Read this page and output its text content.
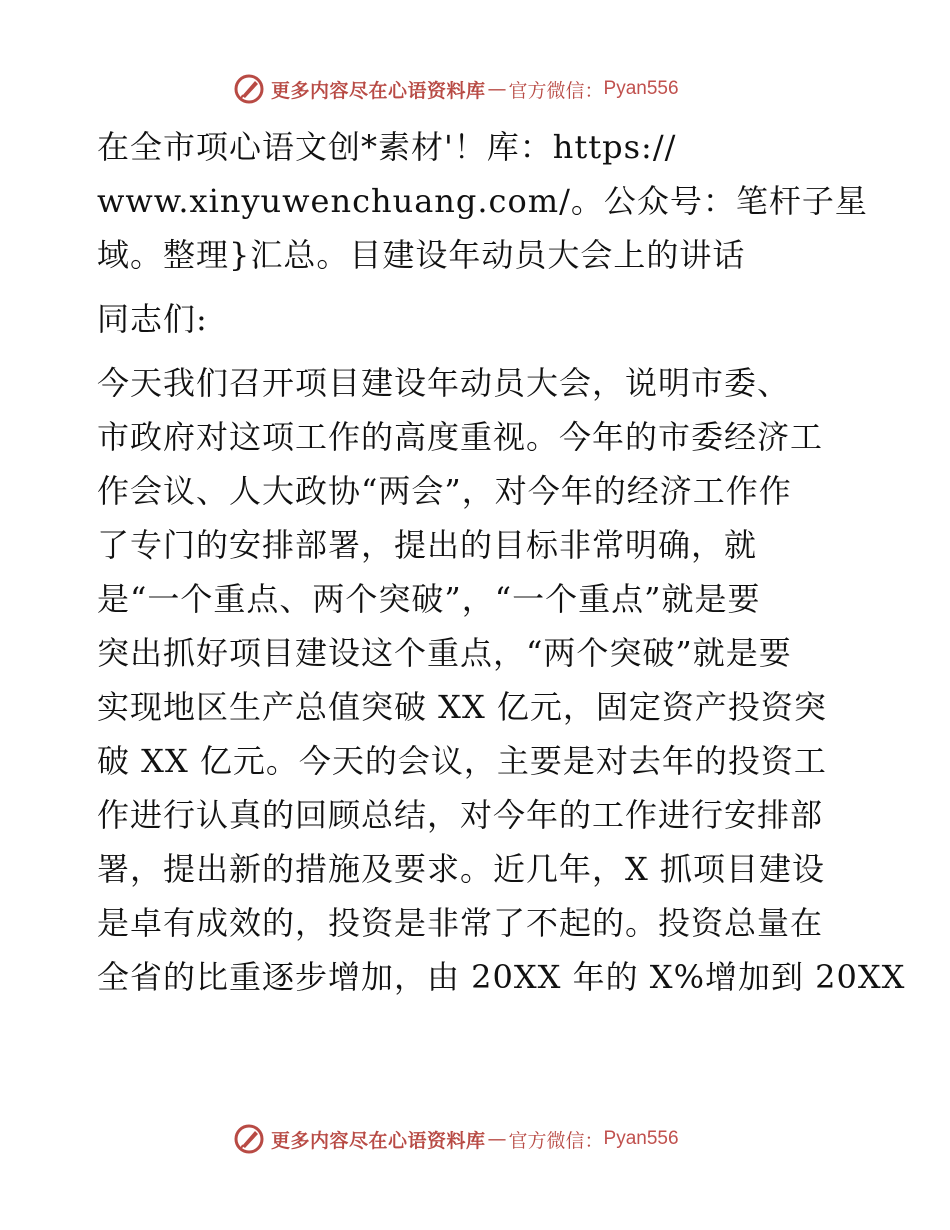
更多内容尽在心语资料库 — 官方微信： Pyan556
在全市项心语文创*素材'！库：https://
www.xinyuwenchuang.com/。公众号：笔杆子星
域。整理}汇总。目建设年动员大会上的讲话
同志们:
今天我们召开项目建设年动员大会，说明市委、
市政府对这项工作的高度重视。今年的市委经济工
作会议、人大政协“两会”，对今年的经济工作作
了专门的安排部署，提出的目标非常明确，就
是“一个重点、两个突破”，“一个重点”就是要
突出抓好项目建设这个重点，“两个突破”就是要
实现地区生产总值突破 XX 亿元，固定资产投资突
破 XX 亿元。今天的会议，主要是对去年的投资工
作进行认真的回顾总结，对今年的工作进行安排部
署，提出新的措施及要求。近几年，X 抓项目建设
是卓有成效的，投资是非常了不起的。投资总量在
全省的比重逐步增加，由 20XX 年的 X%增加到 20XX
更多内容尽在心语资料库 — 官方微信： Pyan556
